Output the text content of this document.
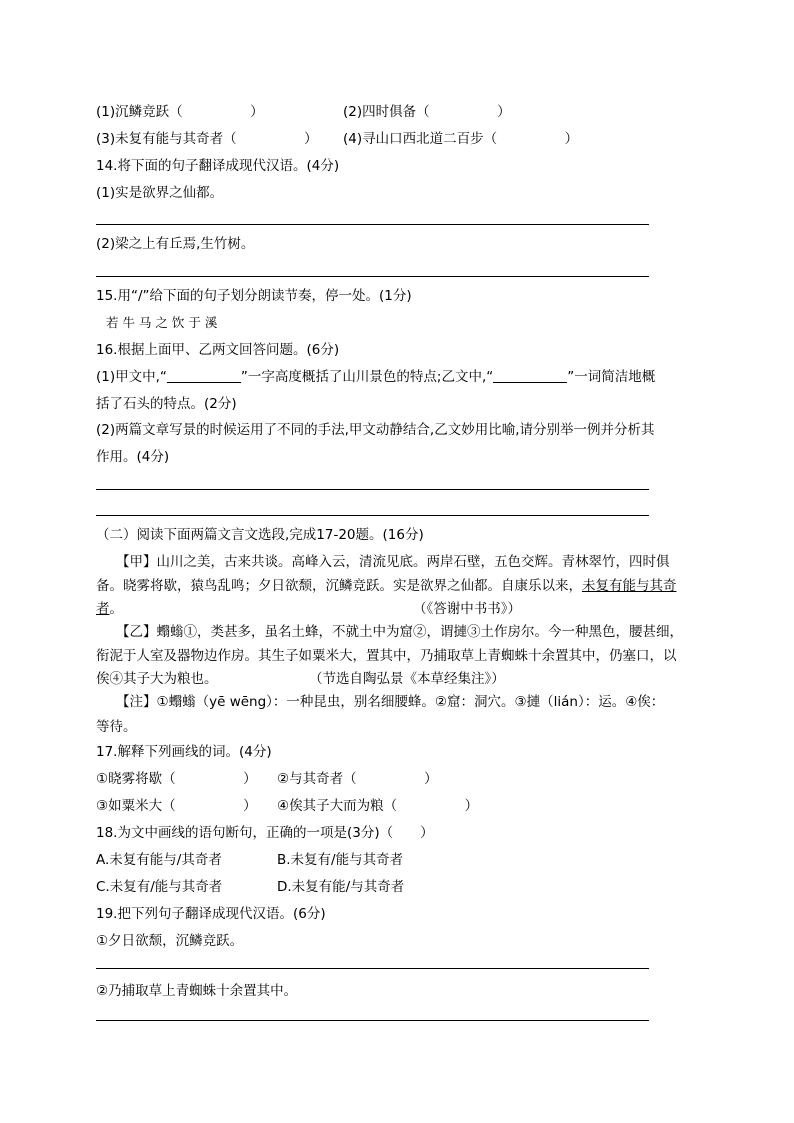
(1)沉鳞竞跃（　　　　　）	(2)四时俱备（　　　　　）
(3)未复有能与其奇者（　　　　　） (4)寻山口西北道二百步（　　　　　）
14.将下面的句子翻译成现代汉语。(4分)
(1)实是欲界之仙都。
(2)梁之上有丘焉,生竹树。
15.用“/”给下面的句子划分朗读节奏，停一处。(1分)
若 牛 马 之 饮 于 溪
16.根据上面甲、乙两文回答问题。(6分)
(1)甲文中,“	”一字高度概括了山川景色的特点;乙文中,“	”一词简洁地概
括了石头的特点。(2分)
(2)两篇文章写景的时候运用了不同的手法,甲文动静结合,乙文妙用比喻,请分别举一例并分析其
作用。(4分)
（二）阅读下面两篇文言文选段,完成17-20题。(16分)
【甲】山川之美，古来共谈。高峰入云，清流见底。两岸石壁，五色交辉。青林翠竹，四时俱
备。晓雾将歇，猿鸟乱鸣；夕日欲颓，沉鳞竞跃。实是欲界之仙都。自康乐以来，未复有能与其奇
者。	（《答谢中书书》）
【乙】蠮螉①，类甚多，虽名土蜂，不就土中为窟②，谓摙③土作房尔。今一种黑色，腰甚细，
衔泥于人室及器物边作房。其生子如粟米大，置其中，乃捕取草上青蜘蛛十余置其中，仍塞口，以
俟④其子大为粮也。	（节选自陶弘景《本草经集注》）
【注】①蠮螉（yē wēng）：一种昆虫，别名细腰蜂。②窟：洞穴。③摙（lián）：运。④俟：
等待。
17.解释下列画线的词。(4分)
①晓雾将歇（　　　　　） ②与其奇者（　　　　　）
③如粟米大（　　　　　） ④俟其子大而为粮（　　　　　）
18.为文中画线的语句断句，正确的一项是(3分)（　　）
A.未复有能与/其奇者	B.未复有/能与其奇者
C.未复有/能与其奇者	D.未复有能/与其奇者
19.把下列句子翻译成现代汉语。(6分)
①夕日欲颓，沉鳞竞跃。
②乃捕取草上青蜘蛛十余置其中。
